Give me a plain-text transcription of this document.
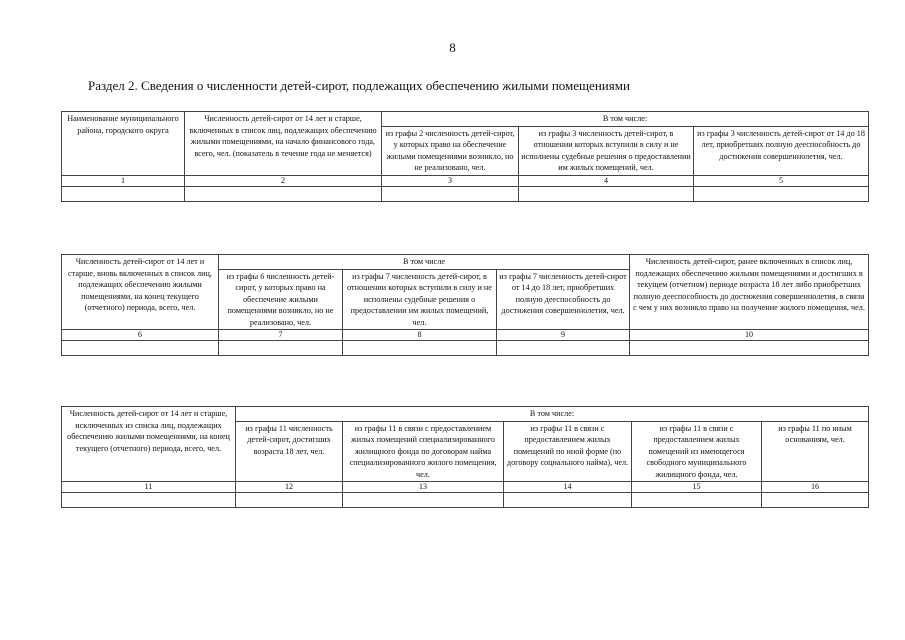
8
Раздел 2. Сведения о численности детей-сирот, подлежащих обеспечению жилыми помещениями
Наименование муниципального района, городского округа	Численность детей-сирот от 14 лет и старше, включенных в список лиц, подлежащих обеспечению жилыми помещениями, на начало финансового года, всего, чел. (показатель в течение года не меняется)	В том числе:		
		из графы 2 численность детей-сирот, у которых право на обеспечение жилыми помещениями возникло, но не реализовано, чел.	из графы 3 численность детей-сирот, в отношении которых вступили в силу и не исполнены судебные решения о предоставлении им жилых помещений, чел.	из графы 3 численность детей-сирот от 14 до 18 лет, приобретших полную дееспособность до достижения совершеннолетия, чел.
1	2	3	4	5

Численность детей-сирот от 14 лет и старше, вновь включенных в список лиц, подлежащих обеспечению жилыми помещениями, на конец текущего (отчетного) периода, всего, чел.	В том числе			Численность детей-сирот, ранее включенных в список лиц, подлежащих обеспечению жилыми помещениями и достигших в текущем (отчетном) периоде возраста 18 лет либо приобретших полную дееспособность до достижения совершеннолетия, в связи с чем у них возникло право на получение жилого помещения, чел.
	из графы 6 численность детей-сирот, у которых право на обеспечение жилыми помещениями возникло, но не реализовано, чел.	из графы 7 численность детей-сирот, в отношении которых вступили в силу и не исполнены судебные решения о предоставлении им жилых помещений, чел.	из графы 7 численность детей-сирот от 14 до 18 лет, приобретших полную дееспособность до достижения совершеннолетия, чел.	
6	7	8	9	10

Численность детей-сирот от 14 лет и старше, исключенных из списка лиц, подлежащих обеспечению жилыми помещениями, на конец текущего (отчетного) периода, всего, чел.	В том числе:				
	из графы 11 численность детей-сирот, достигших возраста 18 лет, чел.	из графы 11 в связи с предоставлением жилых помещений специализированного жилищного фонда по договорам найма специализированного жилого помещения, чел.	из графы 11 в связи с предоставлением жилых помещений по иной форме (по договору социального найма), чел.	из графы 11 в связи с предоставлением жилых помещений из имеющегося свободного муниципального жилищного фонда, чел.	из графы 11 по иным основаниям, чел.
11	12	13	14	15	16
